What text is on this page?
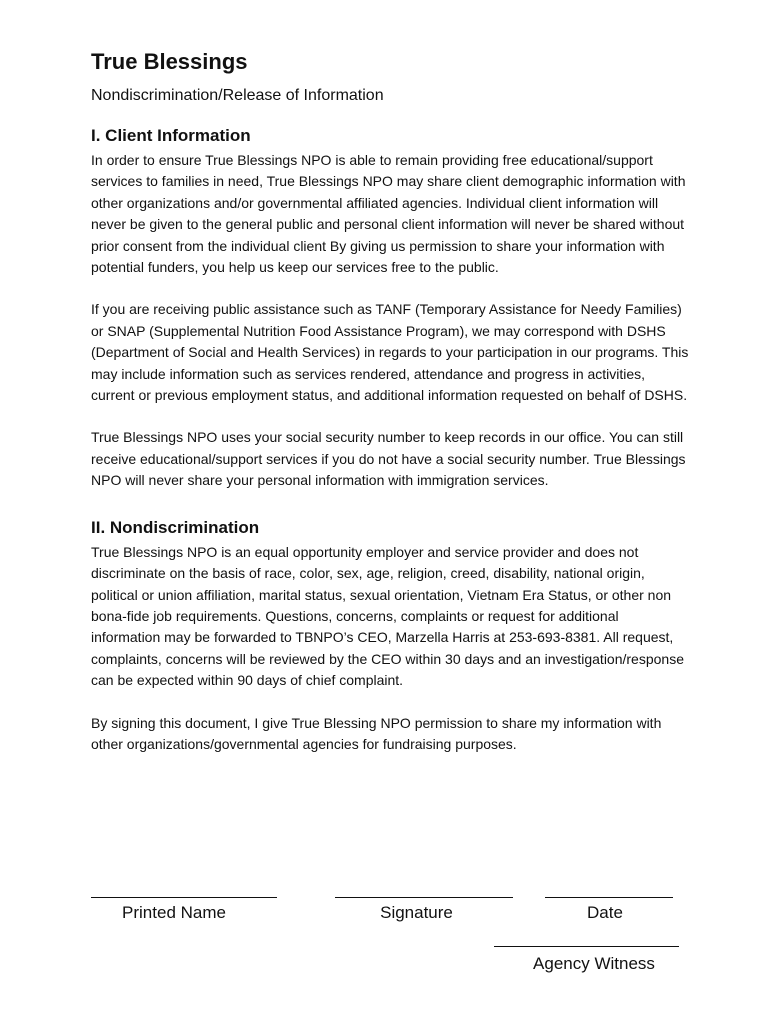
True Blessings

Nondiscrimination/Release of Information

I. Client Information

In order to ensure True Blessings NPO is able to remain providing free educational/support services to families in need, True Blessings NPO may share client demographic information with other organizations and/or governmental affiliated agencies. Individual client information will never be given to the general public and personal client information will never be shared without prior consent from the individual client By giving us permission to share your information with potential funders, you help us keep our services free to the public.

If you are receiving public assistance such as TANF (Temporary Assistance for Needy Families) or SNAP (Supplemental Nutrition Food Assistance Program), we may correspond with DSHS (Department of Social and Health Services) in regards to your participation in our programs. This may include information such as services rendered, attendance and progress in activities, current or previous employment status, and additional information requested on behalf of DSHS.

True Blessings NPO uses your social security number to keep records in our office. You can still receive educational/support services if you do not have a social security number. True Blessings NPO will never share your personal information with immigration services.

II. Nondiscrimination

True Blessings NPO is an equal opportunity employer and service provider and does not discriminate on the basis of race, color, sex, age, religion, creed, disability, national origin, political or union affiliation, marital status, sexual orientation, Vietnam Era Status, or other non bona-fide job requirements. Questions, concerns, complaints or request for additional information may be forwarded to TBNPO’s CEO, Marzella Harris at 253-693-8381. All request, complaints, concerns will be reviewed by the CEO within 30 days and an investigation/response can be expected within 90 days of chief complaint.

By signing this document, I give True Blessing NPO permission to share my information with other organizations/governmental agencies for fundraising purposes.

Printed Name	Signature	Date
Agency Witness
